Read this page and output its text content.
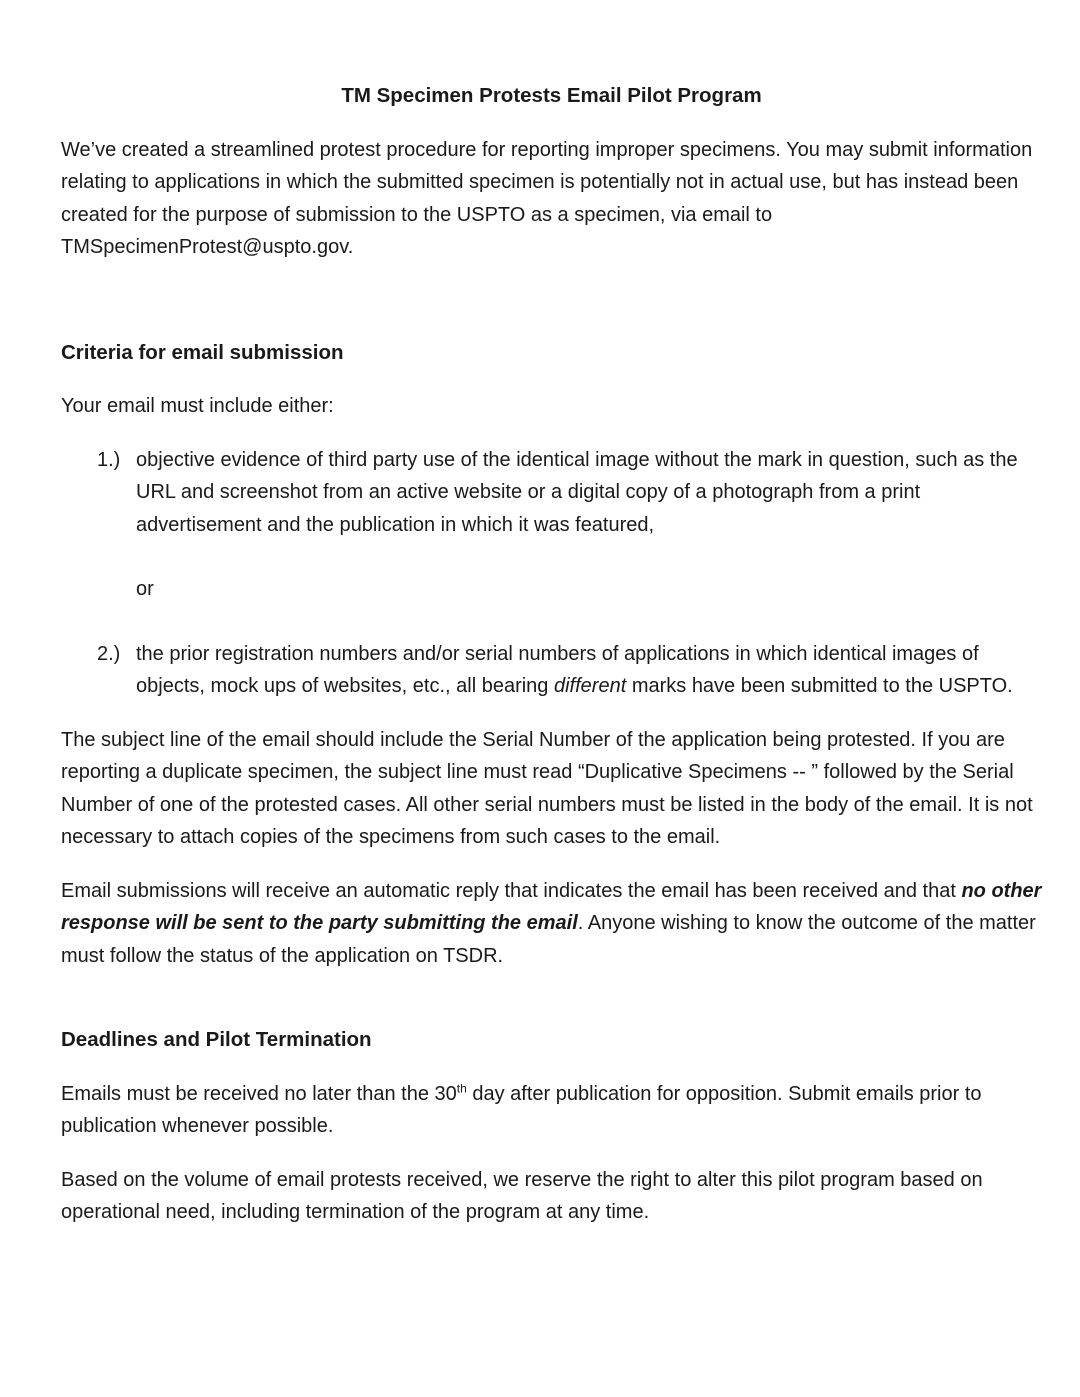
TM Specimen Protests Email Pilot Program

We’ve created a streamlined protest procedure for reporting improper specimens. You may submit information relating to applications in which the submitted specimen is potentially not in actual use, but has instead been created for the purpose of submission to the USPTO as a specimen, via email to

TMSpecimenProtest@uspto.gov.

Criteria for email submission

Your email must include either:

1.) objective evidence of third party use of the identical image without the mark in question, such as the URL and screenshot from an active website or a digital copy of a photograph from a print advertisement and the publication in which it was featured,

or

2.) the prior registration numbers and/or serial numbers of applications in which identical images of objects, mock ups of websites, etc., all bearing different marks have been submitted to the USPTO.

The subject line of the email should include the Serial Number of the application being protested. If you are reporting a duplicate specimen, the subject line must read “Duplicative Specimens -- ” followed by the Serial Number of one of the protested cases. All other serial numbers must be listed in the body of the email. It is not necessary to attach copies of the specimens from such cases to the email.

Email submissions will receive an automatic reply that indicates the email has been received and that no other response will be sent to the party submitting the email. Anyone wishing to know the outcome of the matter must follow the status of the application on TSDR.

Deadlines and Pilot Termination

Emails must be received no later than the 30th day after publication for opposition. Submit emails prior to publication whenever possible.

Based on the volume of email protests received, we reserve the right to alter this pilot program based on operational need, including termination of the program at any time.
